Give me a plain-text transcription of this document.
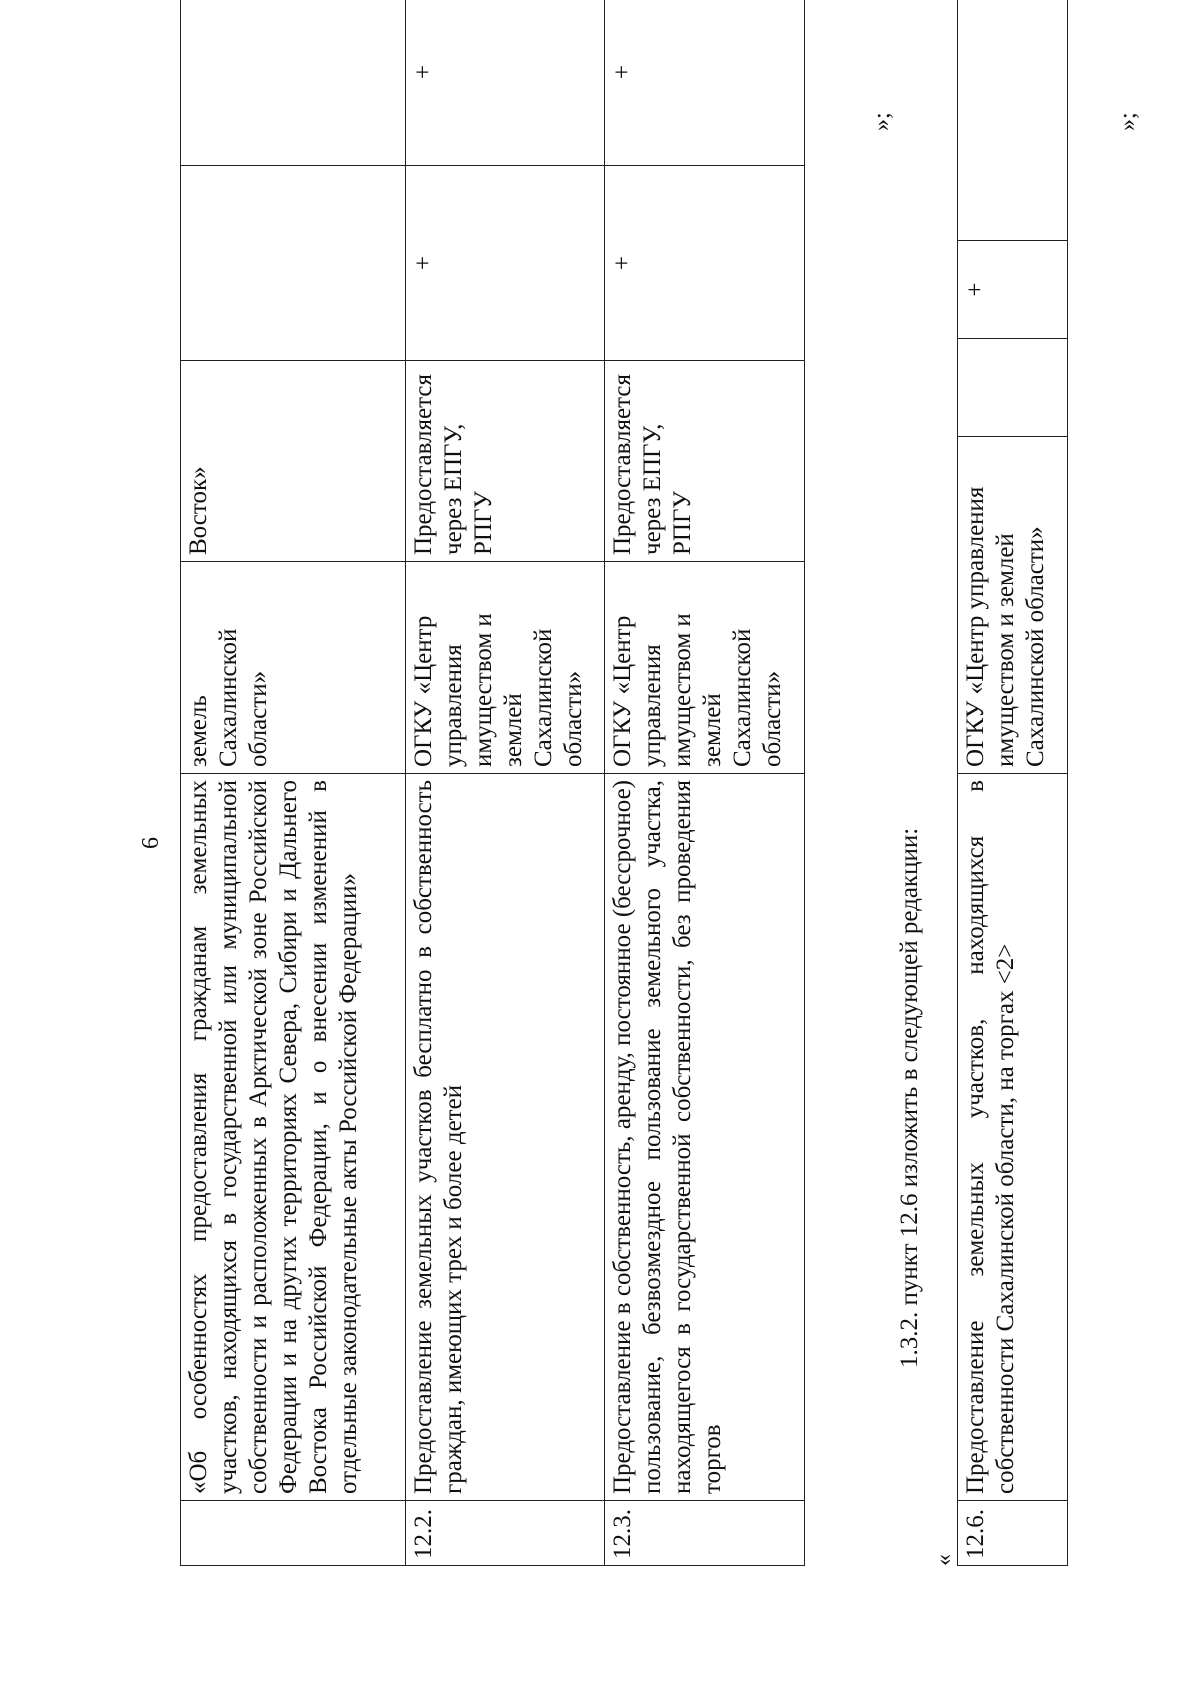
6
	«Об особенностях предоставления гражданам земельных участков, находящихся в государственной или муниципальной собственности и расположенных в Арктической зоне Российской Федерации и на других территориях Севера, Сибири и Дальнего Востока Российской Федерации, и о внесении изменений в отдельные законодательные акты Российской Федерации»	земель Сахалинской области»	Восток»		
12.2.	Предоставление земельных участков бесплатно в собственность граждан, имеющих трех и более детей	ОГКУ «Центр управления имуществом и землей Сахалинской области»	Предоставляется через ЕПГУ, РПГУ	+	+
12.3.	Предоставление в собственность, аренду, постоянное (бессрочное) пользование, безвозмездное пользование земельного участка, находящегося в государственной собственности, без проведения торгов	ОГКУ «Центр управления имуществом и землей Сахалинской области»	Предоставляется через ЕПГУ, РПГУ	+	+
»;
1.3.2. пункт 12.6 изложить в следующей редакции:
«
12.6.	Предоставление земельных участков, находящихся в собственности Сахалинской области, на торгах <2>	ОГКУ «Центр управления имуществом и землей Сахалинской области»		+	
»;
